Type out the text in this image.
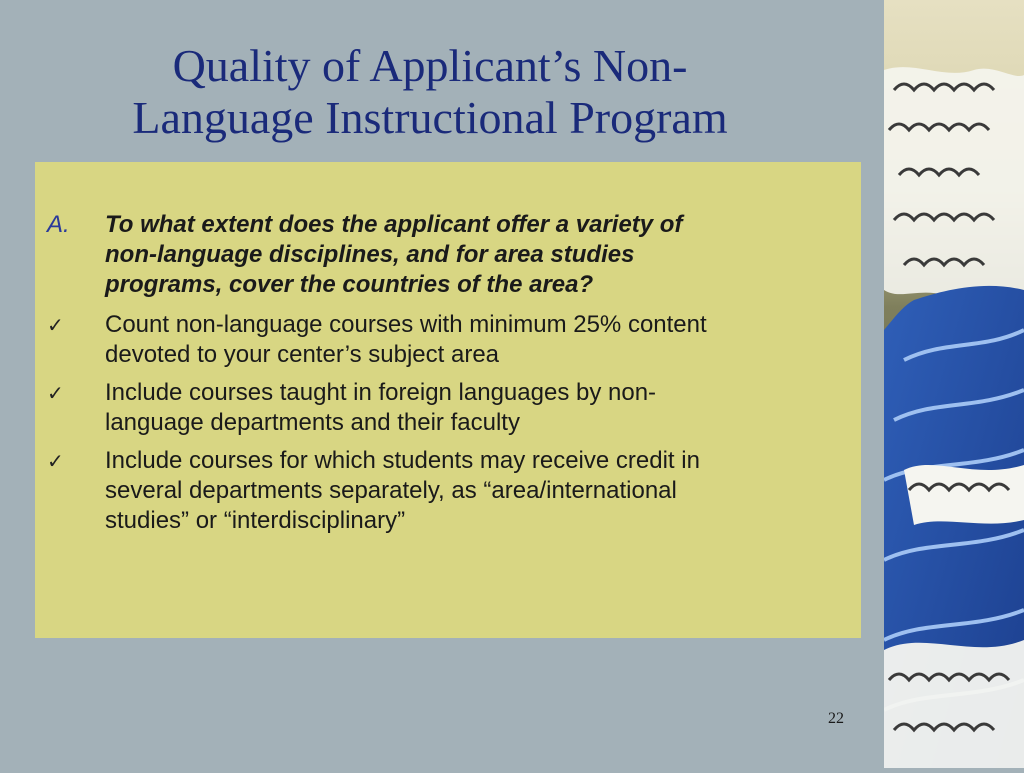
Quality of Applicant’s Non-
Language Instructional Program
A.	To what extent does the applicant offer a variety of
non-language disciplines, and for area studies
programs, cover the countries of the area?
✓	Count non-language courses with minimum 25% content
devoted to your center’s subject area
✓	Include courses taught in foreign languages by non-
language departments and their faculty
✓	Include courses for which students may receive credit in
several departments separately, as “area/international
studies” or “interdisciplinary”
22
